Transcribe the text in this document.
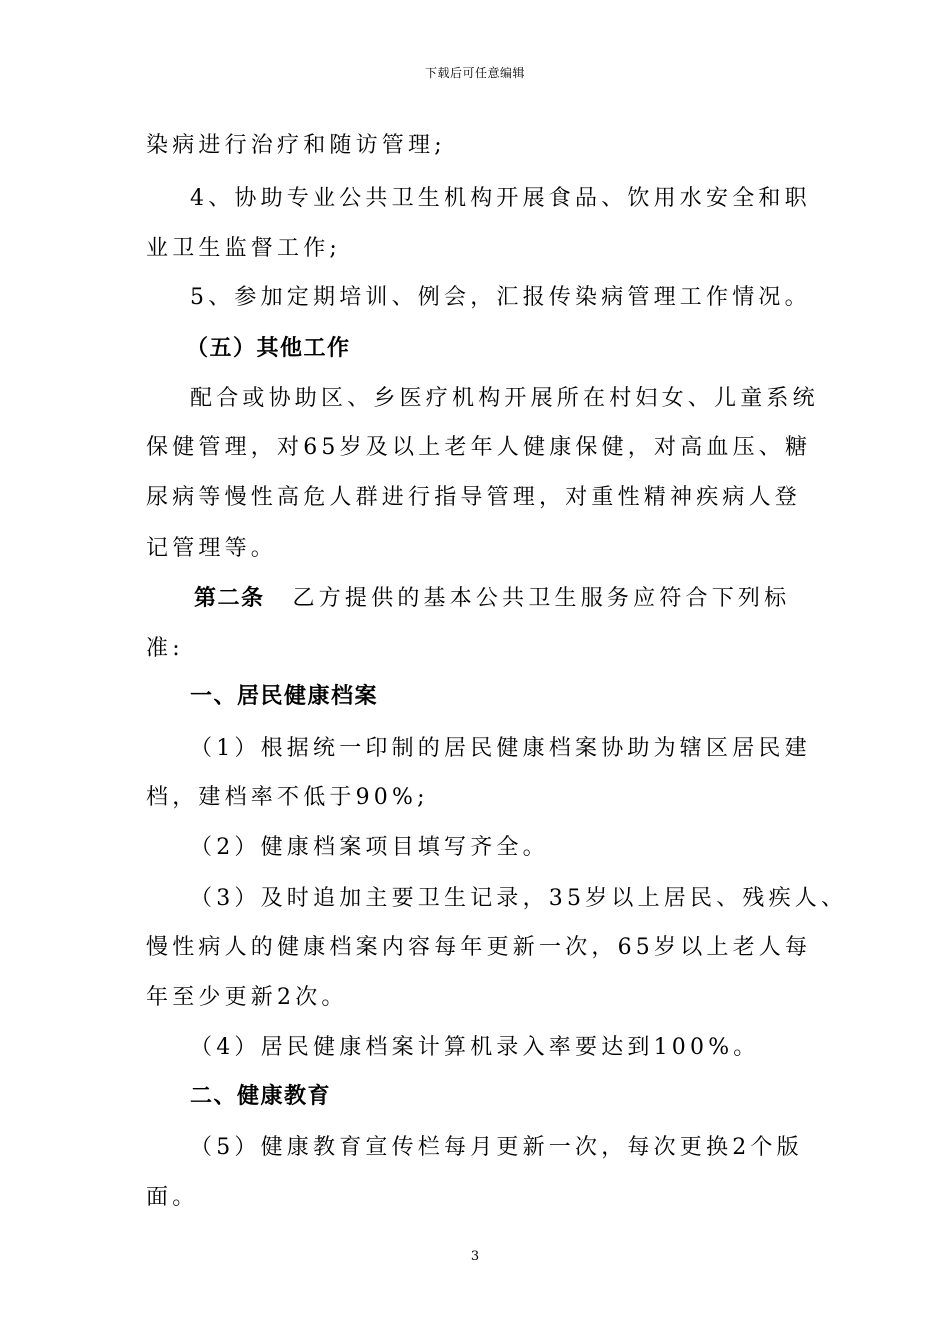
下载后可任意编辑
染病进行治疗和随访管理;
4、协助专业公共卫生机构开展食品、饮用水安全和职
业卫生监督工作;
5、参加定期培训、例会，汇报传染病管理工作情况。
（五）其他工作
配合或协助区、乡医疗机构开展所在村妇女、儿童系统
保健管理，对65岁及以上老年人健康保健，对高血压、糖
尿病等慢性高危人群进行指导管理，对重性精神疾病人登
记管理等。
第二条 乙方提供的基本公共卫生服务应符合下列标
准:
一、居民健康档案
（1）根据统一印制的居民健康档案协助为辖区居民建
档，建档率不低于90%;
（2）健康档案项目填写齐全。
（3）及时追加主要卫生记录，35岁以上居民、残疾人、
慢性病人的健康档案内容每年更新一次，65岁以上老人每
年至少更新2次。
（4）居民健康档案计算机录入率要达到100%。
二、健康教育
（5）健康教育宣传栏每月更新一次，每次更换2个版
面。
3
